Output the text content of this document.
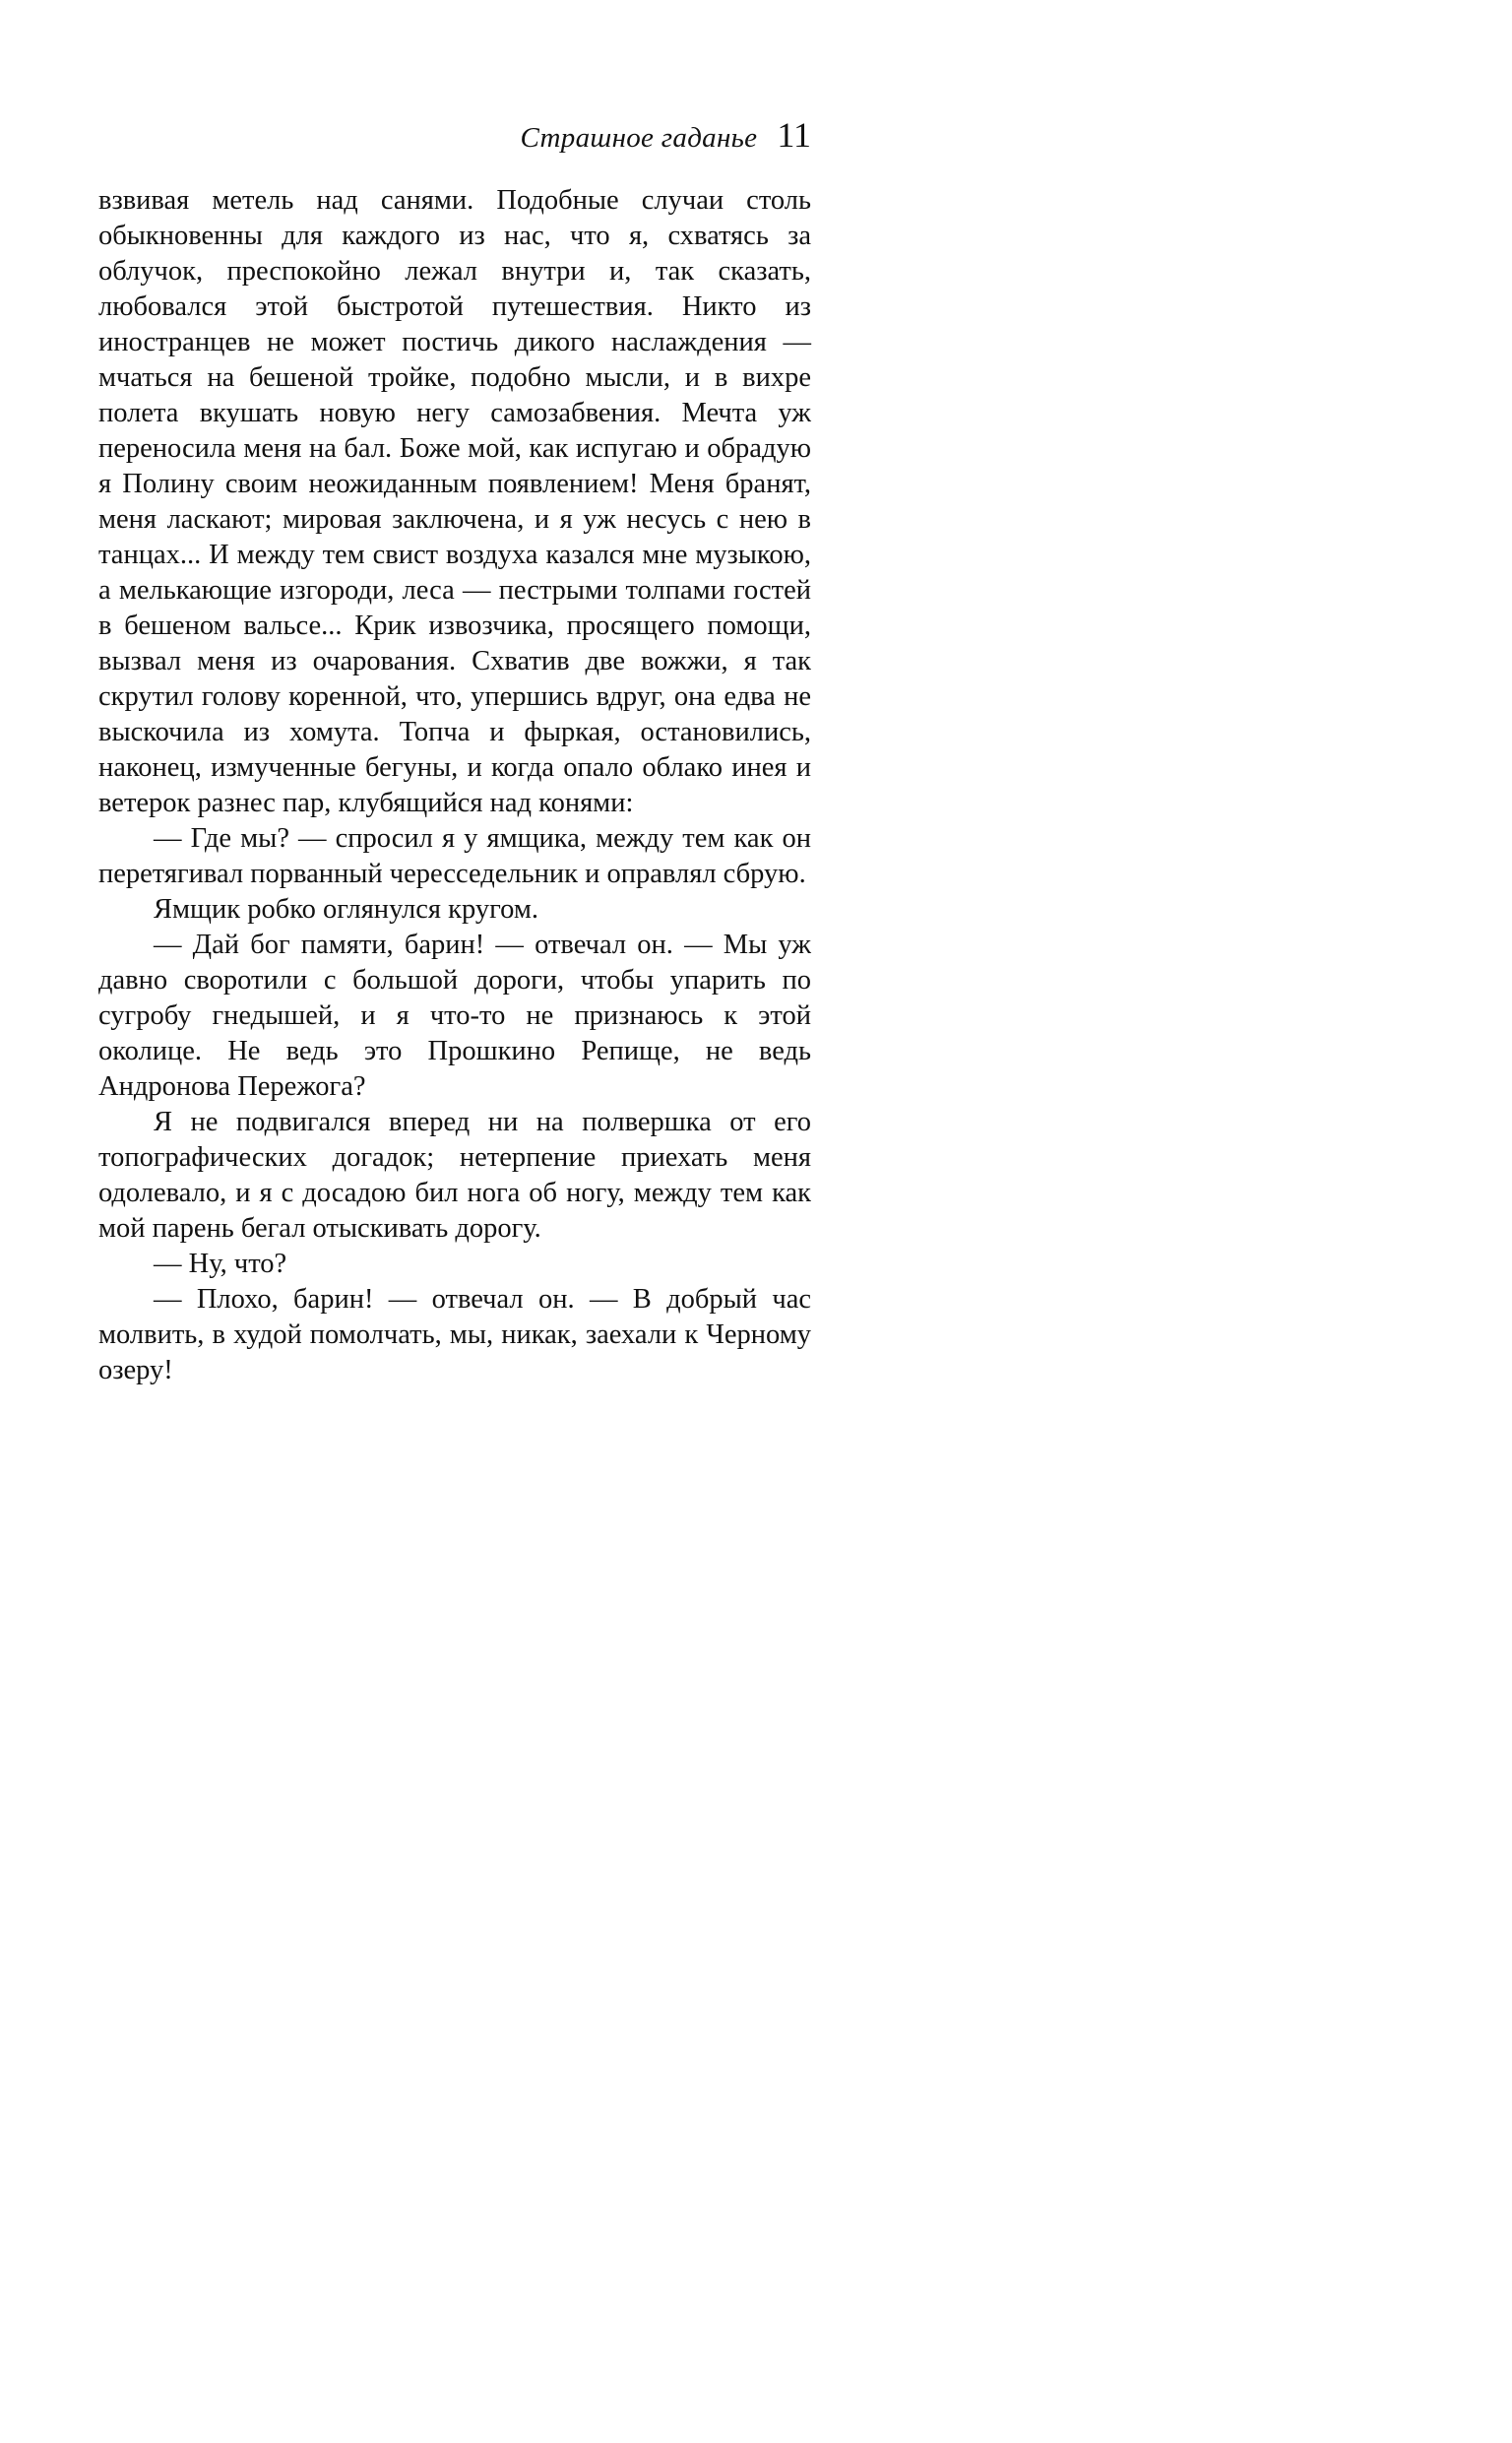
Страшное гаданье 11

взвивая метель над санями. Подобные случаи столь обыкновенны для каждого из нас, что я, схватясь за облучок, преспокойно лежал внутри и, так сказать, любовался этой быстротой путешествия. Никто из иностранцев не может постичь дикого наслаждения — мчаться на бешеной тройке, подобно мысли, и в вихре полета вкушать новую негу самозабвения. Мечта уж переносила меня на бал. Боже мой, как испугаю и обрадую я Полину своим неожиданным появлением! Меня бранят, меня ласкают; мировая заключена, и я уж несусь с нею в танцах... И между тем свист воздуха казался мне музыкою, а мелькающие изгороди, леса — пестрыми толпами гостей в бешеном вальсе... Крик извозчика, просящего помощи, вызвал меня из очарования. Схватив две вожжи, я так скрутил голову коренной, что, упершись вдруг, она едва не выскочила из хомута. Топча и фыркая, остановились, наконец, измученные бегуны, и когда опало облако инея и ветерок разнес пар, клубящийся над конями:

— Где мы? — спросил я у ямщика, между тем как он перетягивал порванный чересседельник и оправлял сбрую.

Ямщик робко оглянулся кругом.

— Дай бог памяти, барин! — отвечал он. — Мы уж давно своротили с большой дороги, чтобы упарить по сугробу гнедышей, и я что-то не признаюсь к этой околице. Не ведь это Прошкино Репище, не ведь Андронова Пережога?

Я не подвигался вперед ни на полвершка от его топографических догадок; нетерпение приехать меня одолевало, и я с досадою бил нога об ногу, между тем как мой парень бегал отыскивать дорогу.

— Ну, что?

— Плохо, барин! — отвечал он. — В добрый час молвить, в худой помолчать, мы, никак, заехали к Черному озеру!
